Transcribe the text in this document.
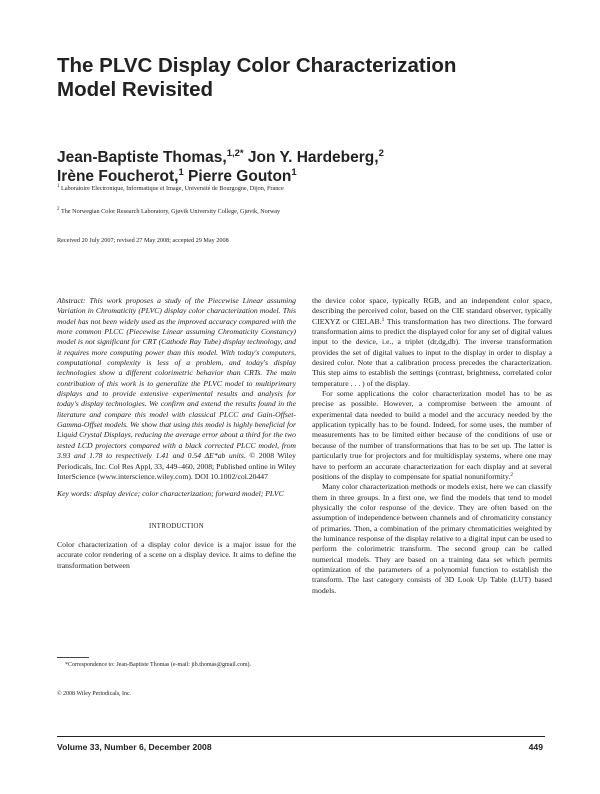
The PLVC Display Color Characterization
Model Revisited
Jean-Baptiste Thomas,$^{1,2*}$ Jon Y. Hardeberg,$^2$
Irène Foucherot,$^1$ Pierre Gouton$^1$
$^1$ Laboratoire Electronique, Informatique et Image, Université de Bourgogne, Dijon, France
$^2$ The Norwegian Color Research Laboratory, Gjøvik University College, Gjøvik, Norway
Received 20 July 2007; revised 27 May 2008; accepted 29 May 2008

Abstract: This work proposes a study of the Piecewise Linear assuming Variation in Chromaticity (PLVC) display color characterization model. This model has not been widely used as the improved accuracy compared with the more common PLCC (Piecewise Linear assuming Chromaticity Constancy) model is not significant for CRT (Cathode Ray Tube) display technology, and it requires more computing power than this model. With today's computers, computational complexity is less of a problem, and today's display technologies show a different colorimetric behavior than CRTs. The main contribution of this work is to generalize the PLVC model to multiprimary displays and to provide extensive experimental results and analysis for today's display technologies. We confirm and extend the results found in the literature and compare this model with classical PLCC and Gain-Offset-Gamma-Offset models. We show that using this model is highly beneficial for Liquid Crystal Displays, reducing the average error about a third for the two tested LCD projectors compared with a black corrected PLCC model, from 3.93 and 1.78 to respectively 1.41 and 0.54 ΔE*ab units. © 2008 Wiley Periodicals, Inc. Col Res Appl, 33, 449–460, 2008; Published online in Wiley InterScience (www.interscience.wiley.com). DOI 10.1002/col.20447

Key words: display device; color characterization; forward model; PLVC

INTRODUCTION

Color characterization of a display color device is a major issue for the accurate color rendering of a scene on a display device. It aims to define the transformation between

the device color space, typically RGB, and an independent color space, describing the perceived color, based on the CIE standard observer, typically CIEXYZ or CIELAB.$^1$ This transformation has two directions. The forward transformation aims to predict the displayed color for any set of digital values input to the device, i.e., a triplet (dr,dg,db). The inverse transformation provides the set of digital values to input to the display in order to display a desired color. Note that a calibration process precedes the characterization. This step aims to establish the settings (contrast, brightness, correlated color temperature . . . ) of the display.

For some applications the color characterization model has to be as precise as possible. However, a compromise between the amount of experimental data needed to build a model and the accuracy needed by the application typically has to be found. Indeed, for some uses, the number of measurements has to be limited either because of the conditions of use or because of the number of transformations that has to be set up. The latter is particularly true for projectors and for multidisplay systems, where one may have to perform an accurate characterization for each display and at several positions of the display to compensate for spatial nonuniformity.$^2$

Many color characterization methods or models exist, here we can classify them in three groups. In a first one, we find the models that tend to model physically the color response of the device. They are often based on the assumption of independence between channels and of chromaticity constancy of primaries. Then, a combination of the primary chromaticities weighted by the luminance response of the display relative to a digital input can be used to perform the colorimetric transform. The second group can be called numerical models. They are based on a training data set which permits optimization of the parameters of a polynomial function to establish the transform. The last category consists of 3D Look Up Table (LUT) based models.

*Correspondence to: Jean-Baptiste Thomas (e-mail: jib.thomas@gmail.com).

© 2008 Wiley Periodicals, Inc.
Volume 33, Number 6, December 2008	449
